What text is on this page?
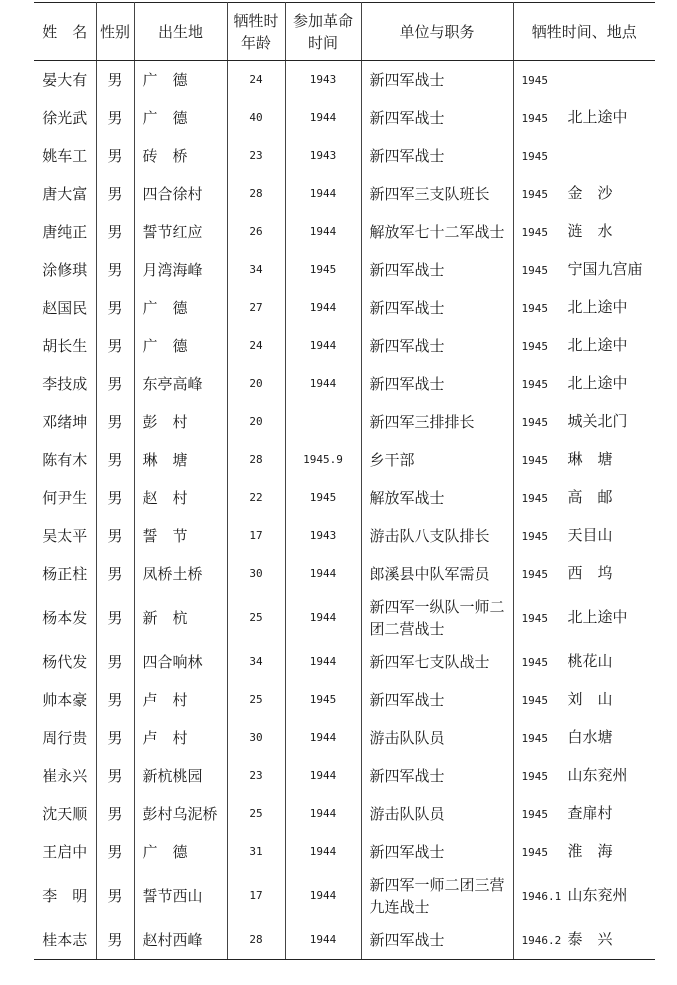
姓　名	性别	出生地	牺牲时年龄	参加革命时间	单位与职务	牺牲时间、地点
晏大有	男	广　德	24	1943	新四军战士	1945
徐光武	男	广　德	40	1944	新四军战士	1945 北上途中
姚车工	男	砖　桥	23	1943	新四军战士	1945
唐大富	男	四合徐村	28	1944	新四军三支队班长	1945 金　沙
唐纯正	男	誓节红应	26	1944	解放军七十二军战士	1945 涟　水
涂修琪	男	月湾海峰	34	1945	新四军战士	1945 宁国九宫庙
赵国民	男	广　德	27	1944	新四军战士	1945 北上途中
胡长生	男	广　德	24	1944	新四军战士	1945 北上途中
李技成	男	东亭高峰	20	1944	新四军战士	1945 北上途中
邓绪坤	男	彭　村	20		新四军三排排长	1945 城关北门
陈有木	男	琳　塘	28	1945.9	乡干部	1945 琳　塘
何尹生	男	赵　村	22	1945	解放军战士	1945 高　邮
吴太平	男	誓　节	17	1943	游击队八支队排长	1945 天目山
杨正柱	男	凤桥土桥	30	1944	郎溪县中队军需员	1945 西　坞
杨本发	男	新　杭	25	1944	新四军一纵队一师二团二营战士	1945 北上途中
杨代发	男	四合响林	34	1944	新四军七支队战士	1945 桃花山
帅本豪	男	卢　村	25	1945	新四军战士	1945 刘　山
周行贵	男	卢　村	30	1944	游击队队员	1945 白水塘
崔永兴	男	新杭桃园	23	1944	新四军战士	1945 山东兖州
沈天顺	男	彭村乌泥桥	25	1944	游击队队员	1945 查扉村
王启中	男	广　德	31	1944	新四军战士	1945 淮　海
李　明	男	誓节西山	17	1944	新四军一师二团三营九连战士	1946.1 山东兖州
桂本志	男	赵村西峰	28	1944	新四军战士	1946.2 泰　兴
